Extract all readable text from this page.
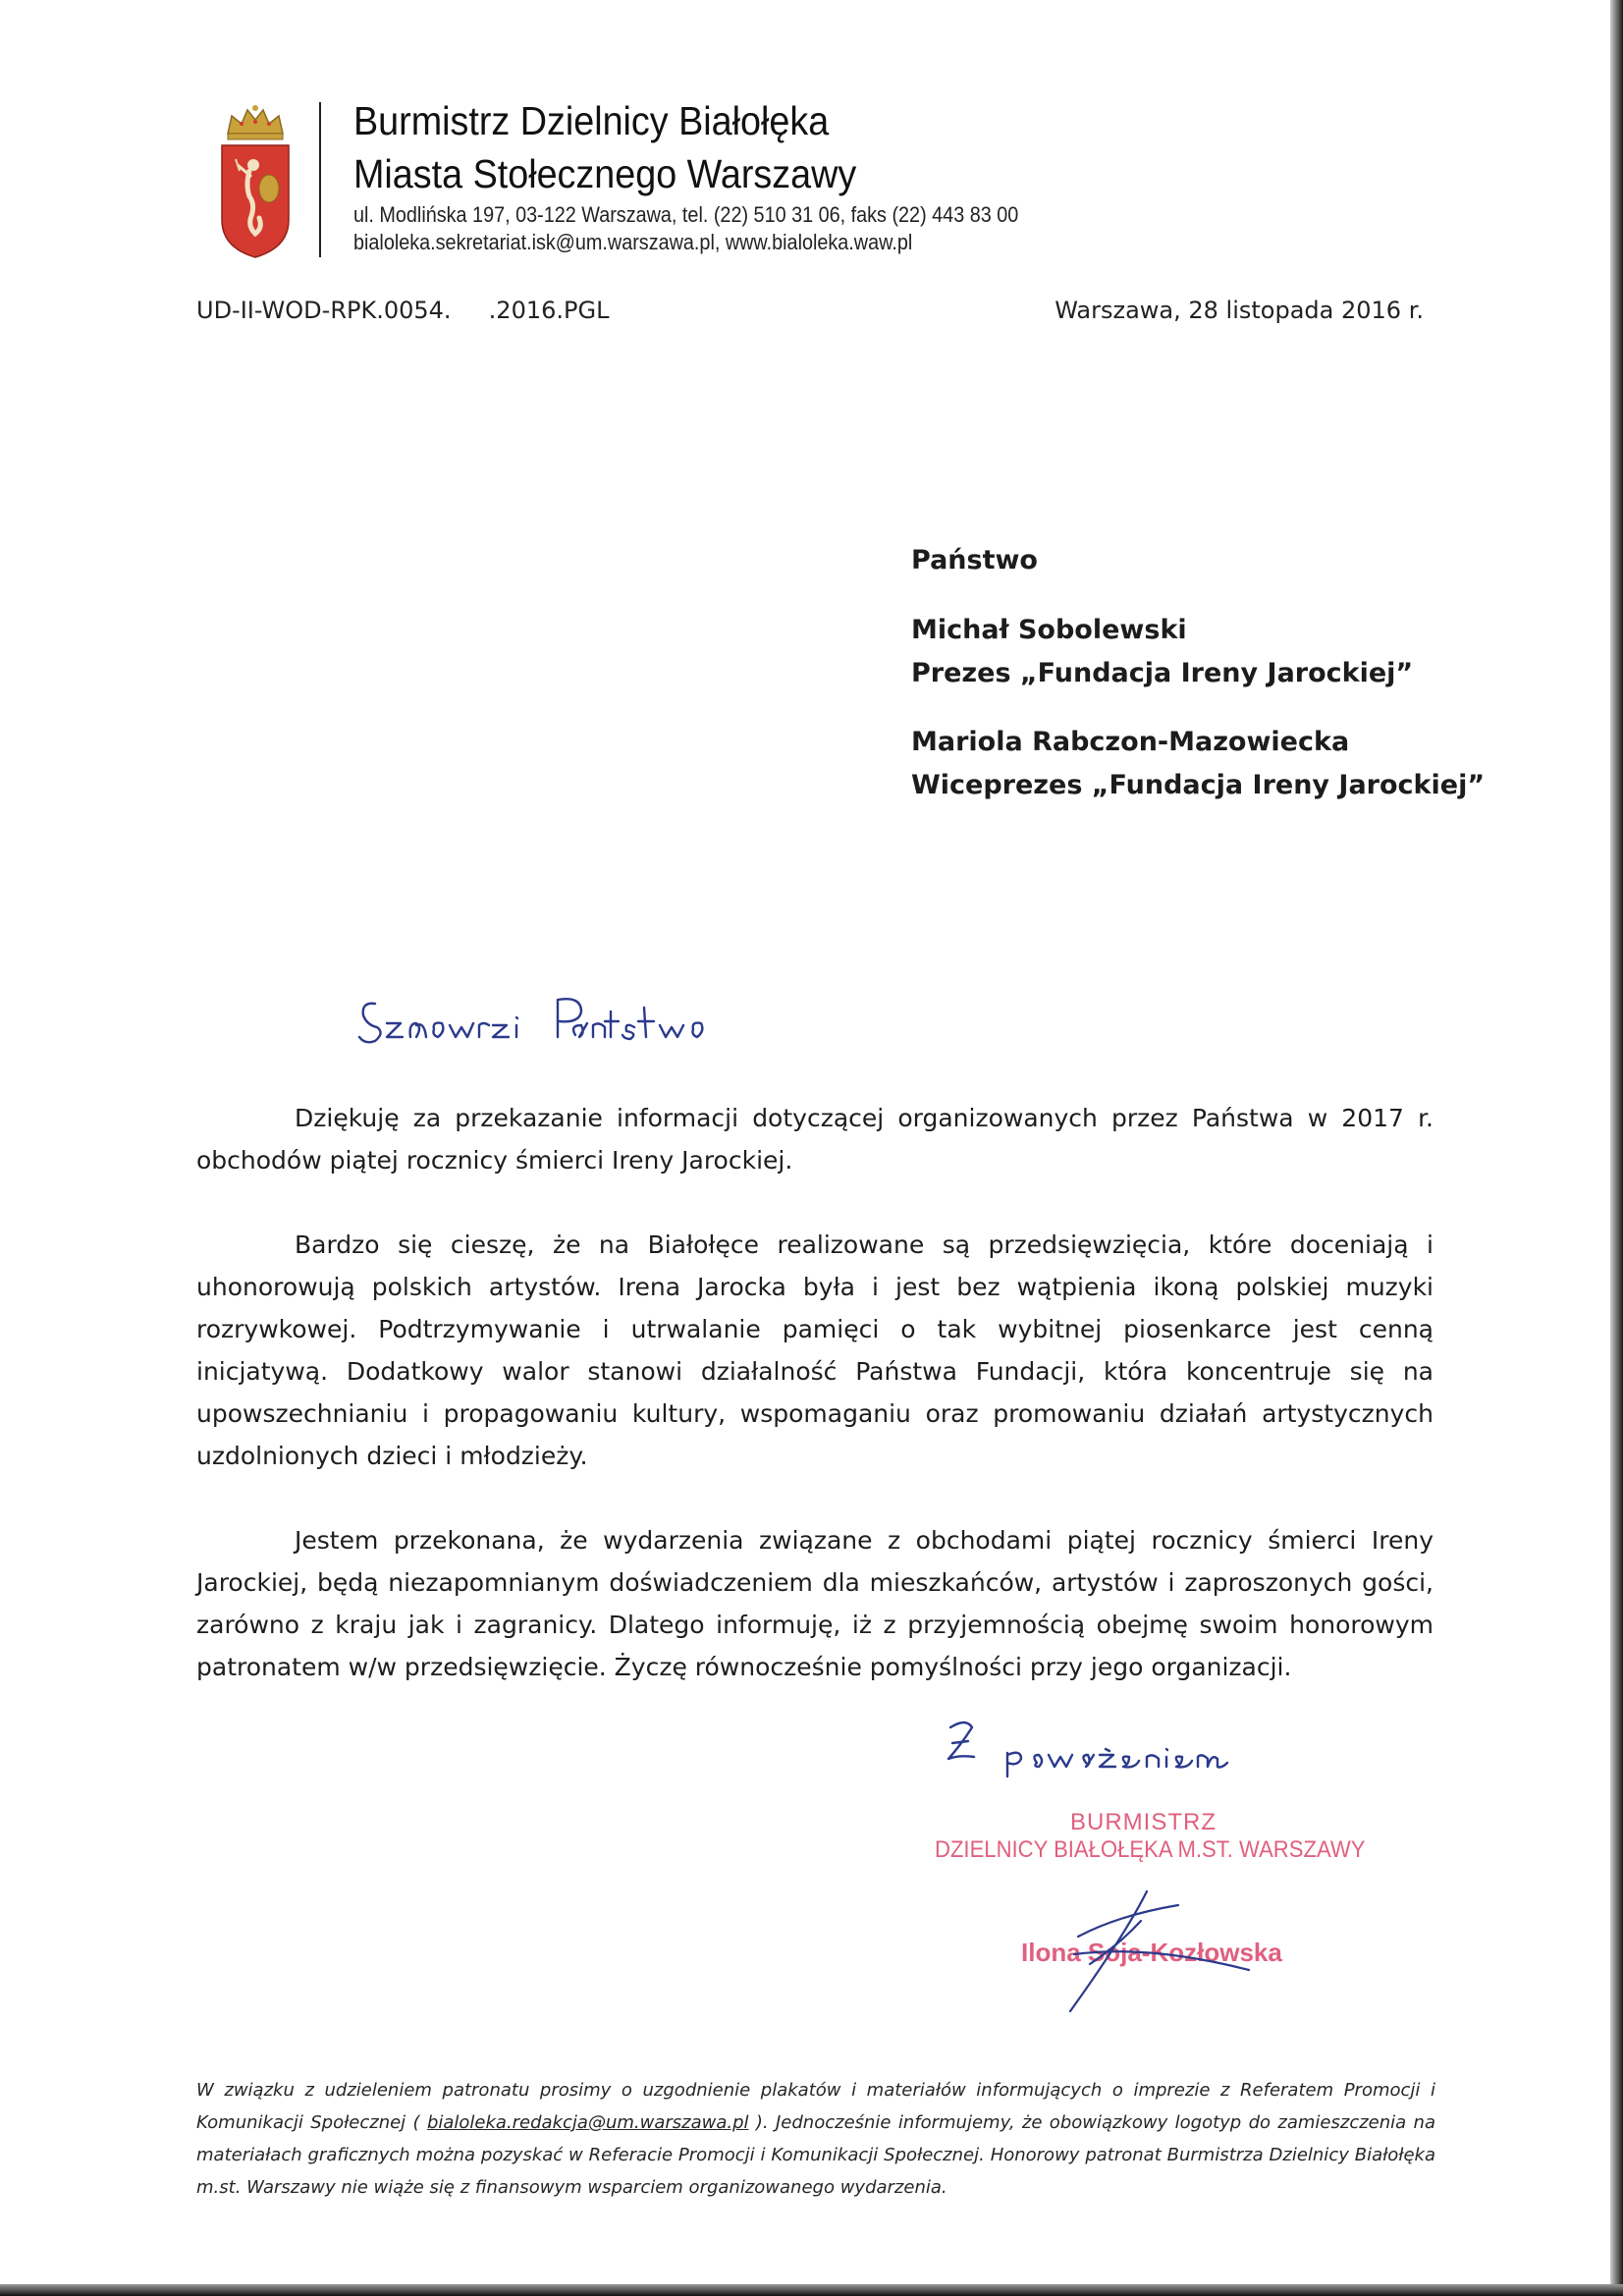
Burmistrz Dzielnicy Białołęka
Miasta Stołecznego Warszawy
ul. Modlińska 197, 03-122 Warszawa, tel. (22) 510 31 06, faks (22) 443 83 00
bialoleka.sekretariat.isk@um.warszawa.pl, www.bialoleka.waw.pl
UD-II-WOD-RPK.0054.     .2016.PGL	Warszawa, 28 listopada 2016 r.
Państwo
Michał Sobolewski
Prezes „Fundacja Ireny Jarockiej”
Mariola Rabczon-Mazowiecka
Wiceprezes „Fundacja Ireny Jarockiej”

Dziękuję za przekazanie informacji dotyczącej organizowanych przez Państwa w 2017 r. obchodów piątej rocznicy śmierci Ireny Jarockiej.

Bardzo się cieszę, że na Białołęce realizowane są przedsięwzięcia, które doceniają i uhonorowują polskich artystów. Irena Jarocka była i jest bez wątpienia ikoną polskiej muzyki rozrywkowej. Podtrzymywanie i utrwalanie pamięci o tak wybitnej piosenkarce jest cenną inicjatywą. Dodatkowy walor stanowi działalność Państwa Fundacji, która koncentruje się na upowszechnianiu i propagowaniu kultury, wspomaganiu oraz promowaniu działań artystycznych uzdolnionych dzieci i młodzieży.

Jestem przekonana, że wydarzenia związane z obchodami piątej rocznicy śmierci Ireny Jarockiej, będą niezapomnianym doświadczeniem dla mieszkańców, artystów i zaproszonych gości, zarówno z kraju jak i zagranicy. Dlatego informuję, iż z przyjemnością obejmę swoim honorowym patronatem w/w przedsięwzięcie. Życzę równocześnie pomyślności przy jego organizacji.

BURMISTRZ
DZIELNICY BIAŁOŁĘKA M.ST. WARSZAWY
Ilona Soja-Kozłowska
W związku z udzieleniem patronatu prosimy o uzgodnienie plakatów i materiałów informujących o imprezie z Referatem Promocji i Komunikacji Społecznej ( bialoleka.redakcja@um.warszawa.pl ). Jednocześnie informujemy, że obowiązkowy logotyp do zamieszczenia na materiałach graficznych można pozyskać w Referacie Promocji i Komunikacji Społecznej. Honorowy patronat Burmistrza Dzielnicy Białołęka m.st. Warszawy nie wiąże się z finansowym wsparciem organizowanego wydarzenia.
